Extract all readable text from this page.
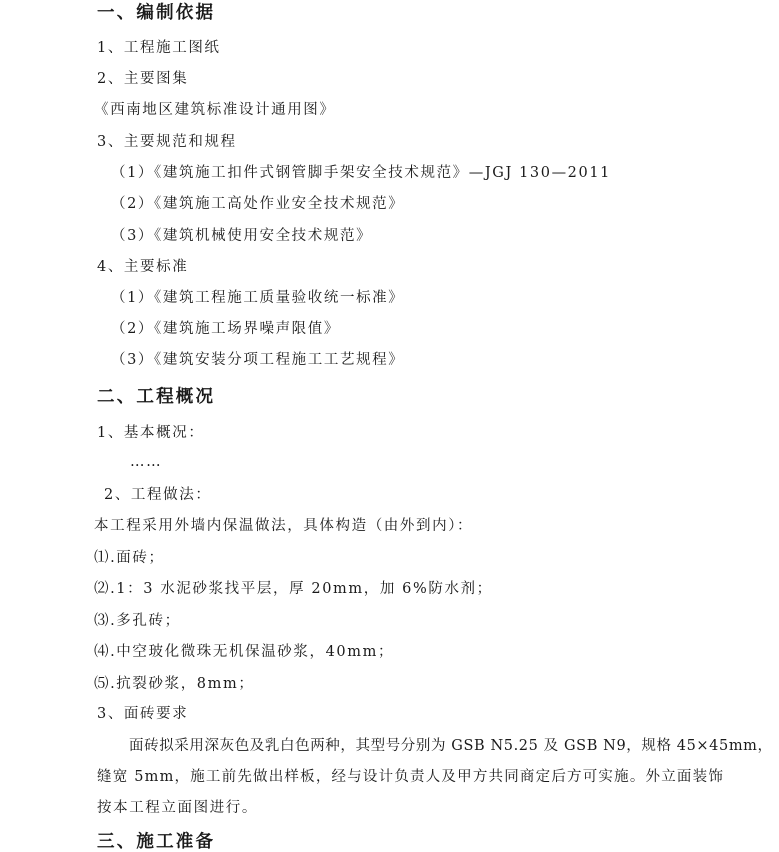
一、编制依据
1、工程施工图纸
2、主要图集
《西南地区建筑标准设计通用图》
3、主要规范和规程
（1）《建筑施工扣件式钢管脚手架安全技术规范》—JGJ 130—2011
（2）《建筑施工高处作业安全技术规范》
（3）《建筑机械使用安全技术规范》
4、主要标准
（1）《建筑工程施工质量验收统一标准》
（2）《建筑施工场界噪声限值》
（3）《建筑安装分项工程施工工艺规程》
二、工程概况
1、基本概况：
……
2、工程做法：
本工程采用外墙内保温做法，具体构造（由外到内）：
⑴.面砖；
⑵.1：3 水泥砂浆找平层，厚 20mm，加 6%防水剂；
⑶.多孔砖；
⑷.中空玻化微珠无机保温砂浆，40mm；
⑸.抗裂砂浆，8mm；
3、面砖要求
面砖拟采用深灰色及乳白色两种，其型号分别为 GSB N5.25 及 GSB N9，规格 45×45mm，
缝宽 5mm，施工前先做出样板，经与设计负责人及甲方共同商定后方可实施。外立面装饰
按本工程立面图进行。
三、施工准备
